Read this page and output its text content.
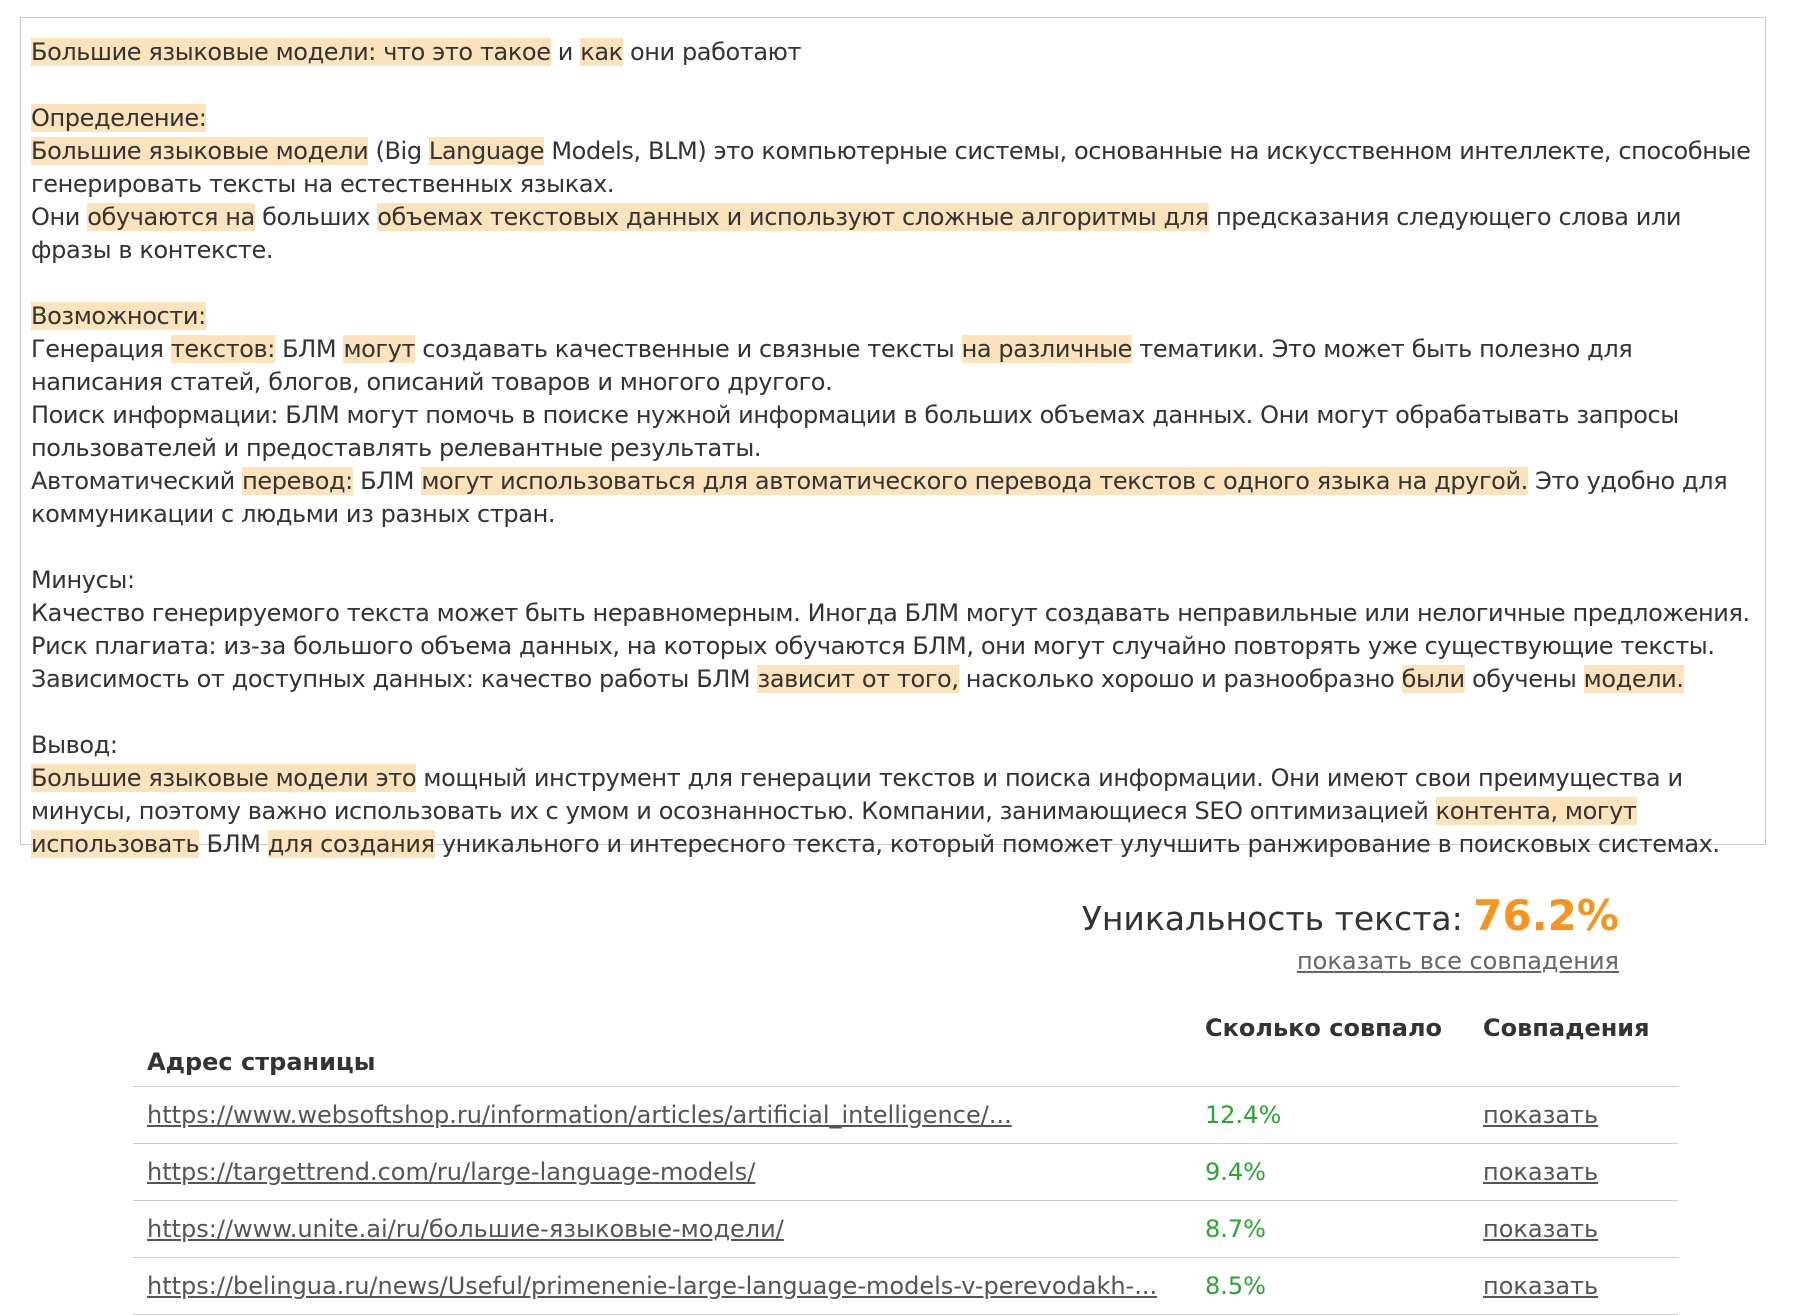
Большие языковые модели: что это такое и как они работают
Определение:
Большие языковые модели (Big Language Models, BLM) это компьютерные системы, основанные на искусственном интеллекте, способные генерировать тексты на естественных языках.
Они обучаются на больших объемах текстовых данных и используют сложные алгоритмы для предсказания следующего слова или фразы в контексте.
Возможности:
Генерация текстов: БЛМ могут создавать качественные и связные тексты на различные тематики. Это может быть полезно для написания статей, блогов, описаний товаров и многого другого.
Поиск информации: БЛМ могут помочь в поиске нужной информации в больших объемах данных. Они могут обрабатывать запросы пользователей и предоставлять релевантные результаты.
Автоматический перевод: БЛМ могут использоваться для автоматического перевода текстов с одного языка на другой. Это удобно для коммуникации с людьми из разных стран.
Минусы:
Качество генерируемого текста может быть неравномерным. Иногда БЛМ могут создавать неправильные или нелогичные предложения.
Риск плагиата: из-за большого объема данных, на которых обучаются БЛМ, они могут случайно повторять уже существующие тексты.
Зависимость от доступных данных: качество работы БЛМ зависит от того, насколько хорошо и разнообразно были обучены модели.
Вывод:
Большие языковые модели это мощный инструмент для генерации текстов и поиска информации. Они имеют свои преимущества и минусы, поэтому важно использовать их с умом и осознанностью. Компании, занимающиеся SEO оптимизацией контента, могут использовать БЛМ для создания уникального и интересного текста, который поможет улучшить ранжирование в поисковых системах.
Уникальность текста: 76.2%
показать все совпадения
Адрес страницы	Сколько совпало	Совпадения
https://www.websoftshop.ru/information/articles/artificial_intelligence/...	12.4%	показать
https://targettrend.com/ru/large-language-models/	9.4%	показать
https://www.unite.ai/ru/большие-языковые-модели/	8.7%	показать
https://belingua.ru/news/Useful/primenenie-large-language-models-v-perevodakh-...	8.5%	показать
